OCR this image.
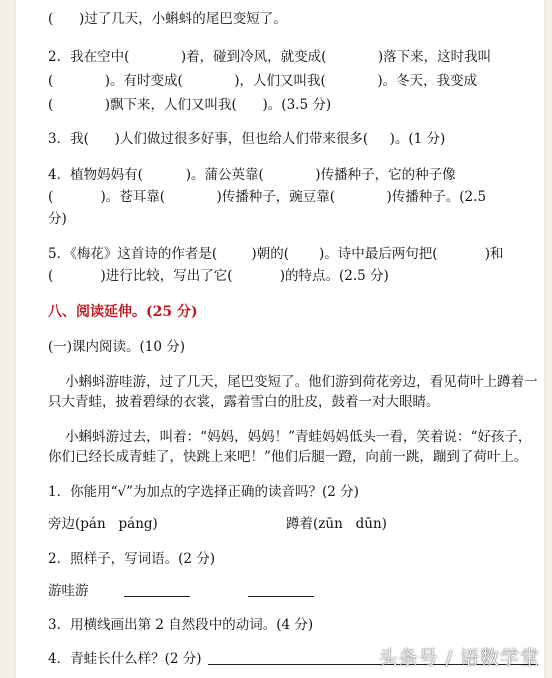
(      )过了几天，小蝌蚪的尾巴变短了。
2．我在空中(            )着，碰到冷风，就变成(            )落下来，这时我叫
(            )。有时变成(            )，人们又叫我(            )。冬天，我变成
(            )飘下来，人们又叫我(      )。(3.5 分)
3．我(      )人们做过很多好事，但也给人们带来很多(     )。(1 分)
4．植物妈妈有(          )。蒲公英靠(            )传播种子，它的种子像
(           )。苍耳靠(            )传播种子，豌豆靠(            )传播种子。(2.5
分)
5．《梅花》这首诗的作者是(        )朝的(       )。诗中最后两句把(           )和
(           )进行比较，写出了它(           )的特点。(2.5 分)
八、阅读延伸。(25 分)
(一)课内阅读。(10 分)
小蝌蚪游哇游，过了几天，尾巴变短了。他们游到荷花旁边，看见荷叶上蹲着一
只大青蛙，披着碧绿的衣裳，露着雪白的肚皮，鼓着一对大眼睛。
小蝌蚪游过去，叫着：“妈妈，妈妈！”青蛙妈妈低头一看，笑着说：“好孩子，
你们已经长成青蛙了，快跳上来吧！”他们后腿一蹬，向前一跳，蹦到了荷叶上。
1．你能用“√”为加点的字选择正确的读音吗？(2 分)
旁边(pán   páng)	蹲着(zūn   dūn)
2．照样子，写词语。(2 分)
游哇游
3．用横线画出第 2 自然段中的动词。(4 分)
4．青蛙长什么样？(2 分)	头条号 / 语数学堂
